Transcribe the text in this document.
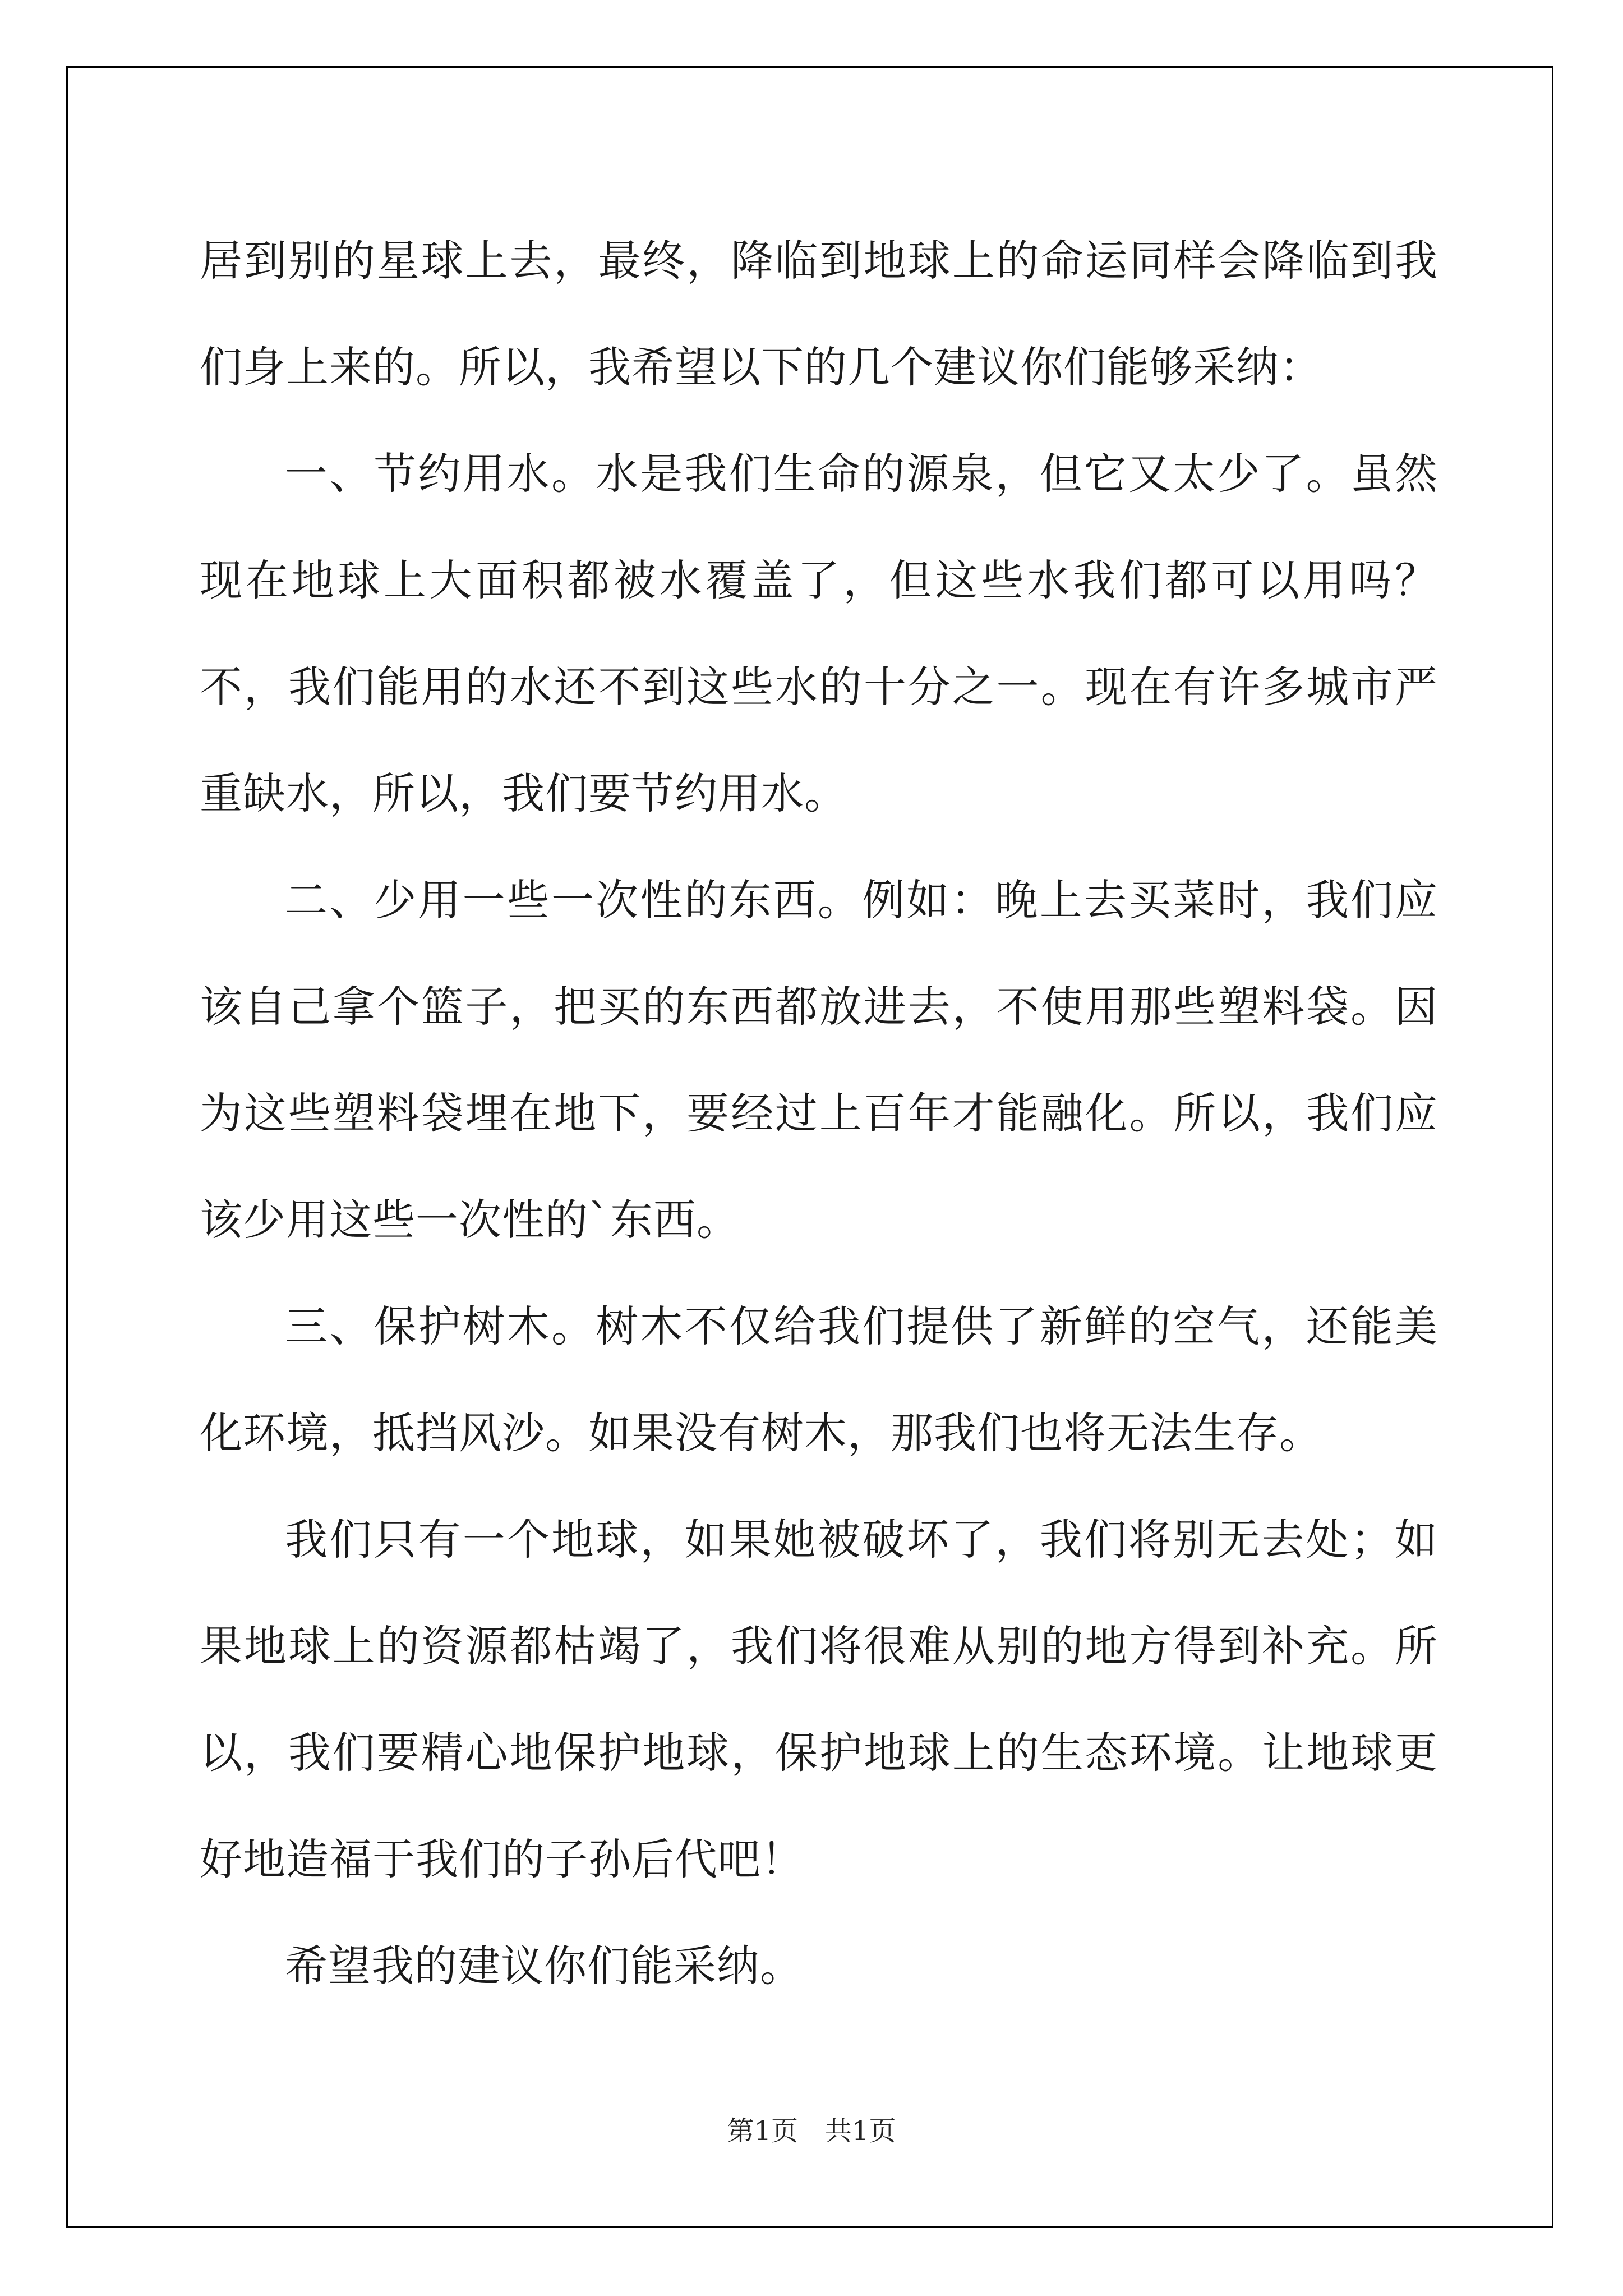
居到别的星球上去，最终，降临到地球上的命运同样会降临到我们身上来的。所以，我希望以下的几个建议你们能够采纳：

一、节约用水。水是我们生命的源泉，但它又太少了。虽然现在地球上大面积都被水覆盖了，但这些水我们都可以用吗？不，我们能用的水还不到这些水的十分之一。现在有许多城市严重缺水，所以，我们要节约用水。

二、少用一些一次性的东西。例如：晚上去买菜时，我们应该自己拿个篮子，把买的东西都放进去，不使用那些塑料袋。因为这些塑料袋埋在地下，要经过上百年才能融化。所以，我们应该少用这些一次性的`东西。

三、保护树木。树木不仅给我们提供了新鲜的空气，还能美化环境，抵挡风沙。如果没有树木，那我们也将无法生存。

我们只有一个地球，如果她被破坏了，我们将别无去处；如果地球上的资源都枯竭了，我们将很难从别的地方得到补充。所以，我们要精心地保护地球，保护地球上的生态环境。让地球更好地造福于我们的子孙后代吧！

希望我的建议你们能采纳。

第1页 共1页
